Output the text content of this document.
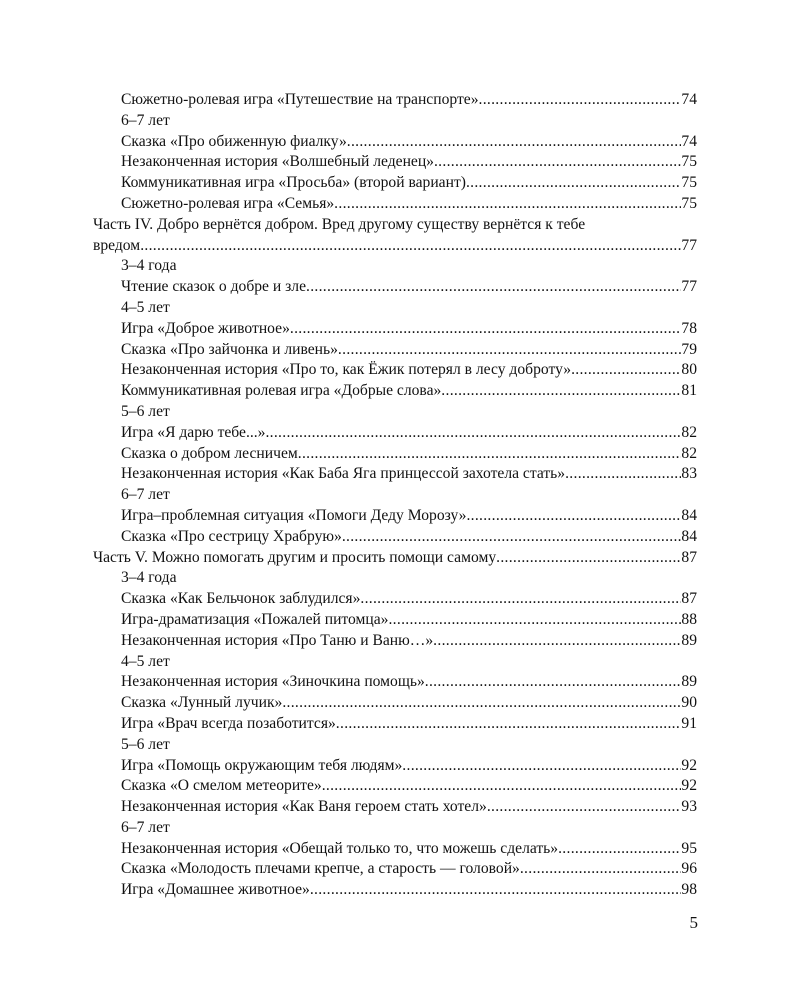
Сюжетно-ролевая игра «Путешествие на транспорте» .....	74
6–7 лет
Сказка «Про обиженную фиалку» .....	74
Незаконченная история «Волшебный леденец» .....	75
Коммуникативная игра «Просьба» (второй вариант) .....	75
Сюжетно-ролевая игра «Семья» .....	75
Часть IV. Добро вернётся добром. Вред другому существу вернётся к тебе
вредом .....	77
3–4 года
Чтение сказок о добре и зле .....	77
4–5 лет
Игра «Доброе животное» .....	78
Сказка «Про зайчонка и ливень» .....	79
Незаконченная история «Про то, как Ёжик потерял в лесу доброту» .....	80
Коммуникативная ролевая игра «Добрые слова» .....	81
5–6 лет
Игра «Я дарю тебе...» .....	82
Сказка о добром лесничем .....	82
Незаконченная история «Как Баба Яга принцессой захотела стать» .....	83
6–7 лет
Игра–проблемная ситуация «Помоги Деду Морозу» .....	84
Сказка «Про сестрицу Храбрую» .....	84
Часть V. Можно помогать другим и просить помощи самому .....	87
3–4 года
Сказка «Как Бельчонок заблудился» .....	87
Игра-драматизация «Пожалей питомца» .....	88
Незаконченная история «Про Таню и Ваню…» .....	89
4–5 лет
Незаконченная история «Зиночкина помощь» .....	89
Сказка «Лунный лучик» .....	90
Игра «Врач всегда позаботится» .....	91
5–6 лет
Игра «Помощь окружающим тебя людям» .....	92
Сказка «О смелом метеорите» .....	92
Незаконченная история «Как Ваня героем стать хотел» .....	93
6–7 лет
Незаконченная история «Обещай только то, что можешь сделать» .....	95
Сказка «Молодость плечами крепче, а старость — головой» .....	96
Игра «Домашнее животное» .....	98
5
